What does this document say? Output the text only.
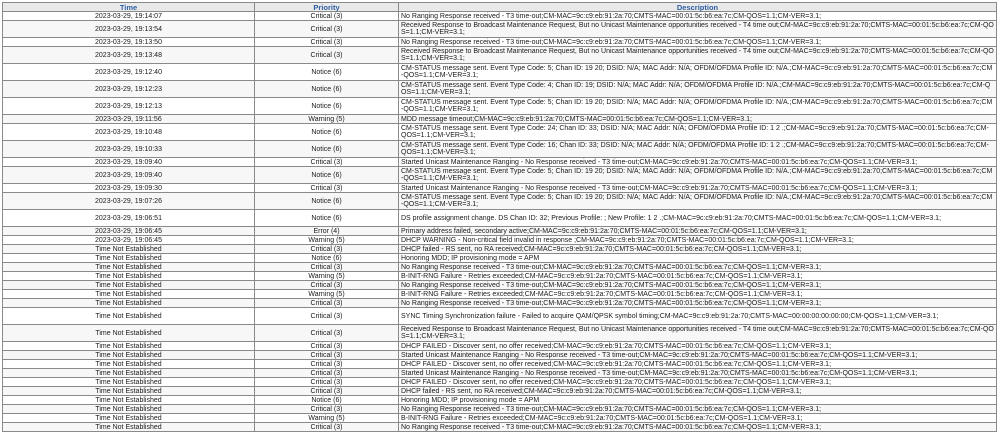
Time	Priority	Description
2023-03-29, 19:14:07	Critical (3)	No Ranging Response received - T3 time-out;CM-MAC=9c:c9:eb:91:2a:70;CMTS-MAC=00:01:5c:b6:ea:7c;CM-QOS=1.1;CM-VER=3.1;
2023-03-29, 19:13:54	Critical (3)	Received Response to Broadcast Maintenance Request, But no Unicast Maintenance opportunities received - T4 time out;CM-MAC=9c:c9:eb:91:2a:70;CMTS-MAC=00:01:5c:b6:ea:7c;CM-QOS=1.1;CM-VER=3.1;
2023-03-29, 19:13:50	Critical (3)	No Ranging Response received - T3 time-out;CM-MAC=9c:c9:eb:91:2a:70;CMTS-MAC=00:01:5c:b6:ea:7c;CM-QOS=1.1;CM-VER=3.1;
2023-03-29, 19:13:48	Critical (3)	Received Response to Broadcast Maintenance Request, But no Unicast Maintenance opportunities received - T4 time out;CM-MAC=9c:c9:eb:91:2a:70;CMTS-MAC=00:01:5c:b6:ea:7c;CM-QOS=1.1;CM-VER=3.1;
2023-03-29, 19:12:40	Notice (6)	CM-STATUS message sent. Event Type Code: 5; Chan ID: 19 20; DSID: N/A; MAC Addr: N/A; OFDM/OFDMA Profile ID: N/A.;CM-MAC=9c:c9:eb:91:2a:70;CMTS-MAC=00:01:5c:b6:ea:7c;CM-QOS=1.1;CM-VER=3.1;
2023-03-29, 19:12:23	Notice (6)	CM-STATUS message sent. Event Type Code: 4; Chan ID: 19; DSID: N/A; MAC Addr: N/A; OFDM/OFDMA Profile ID: N/A.;CM-MAC=9c:c9:eb:91:2a:70;CMTS-MAC=00:01:5c:b6:ea:7c;CM-QOS=1.1;CM-VER=3.1;
2023-03-29, 19:12:13	Notice (6)	CM-STATUS message sent. Event Type Code: 5; Chan ID: 19 20; DSID: N/A; MAC Addr: N/A; OFDM/OFDMA Profile ID: N/A.;CM-MAC=9c:c9:eb:91:2a:70;CMTS-MAC=00:01:5c:b6:ea:7c;CM-QOS=1.1;CM-VER=3.1;
2023-03-29, 19:11:56	Warning (5)	MDD message timeout;CM-MAC=9c:c9:eb:91:2a:70;CMTS-MAC=00:01:5c:b6:ea:7c;CM-QOS=1.1;CM-VER=3.1;
2023-03-29, 19:10:48	Notice (6)	CM-STATUS message sent. Event Type Code: 24; Chan ID: 33; DSID: N/A; MAC Addr: N/A; OFDM/OFDMA Profile ID: 1 2 .;CM-MAC=9c:c9:eb:91:2a:70;CMTS-MAC=00:01:5c:b6:ea:7c;CM-QOS=1.1;CM-VER=3.1;
2023-03-29, 19:10:33	Notice (6)	CM-STATUS message sent. Event Type Code: 16; Chan ID: 33; DSID: N/A; MAC Addr: N/A; OFDM/OFDMA Profile ID: 1 2 .;CM-MAC=9c:c9:eb:91:2a:70;CMTS-MAC=00:01:5c:b6:ea:7c;CM-QOS=1.1;CM-VER=3.1;
2023-03-29, 19:09:40	Critical (3)	Started Unicast Maintenance Ranging - No Response received - T3 time-out;CM-MAC=9c:c9:eb:91:2a:70;CMTS-MAC=00:01:5c:b6:ea:7c;CM-QOS=1.1;CM-VER=3.1;
2023-03-29, 19:09:40	Notice (6)	CM-STATUS message sent. Event Type Code: 5; Chan ID: 19 20; DSID: N/A; MAC Addr: N/A; OFDM/OFDMA Profile ID: N/A.;CM-MAC=9c:c9:eb:91:2a:70;CMTS-MAC=00:01:5c:b6:ea:7c;CM-QOS=1.1;CM-VER=3.1;
2023-03-29, 19:09:30	Critical (3)	Started Unicast Maintenance Ranging - No Response received - T3 time-out;CM-MAC=9c:c9:eb:91:2a:70;CMTS-MAC=00:01:5c:b6:ea:7c;CM-QOS=1.1;CM-VER=3.1;
2023-03-29, 19:07:26	Notice (6)	CM-STATUS message sent. Event Type Code: 5; Chan ID: 19 20; DSID: N/A; MAC Addr: N/A; OFDM/OFDMA Profile ID: N/A.;CM-MAC=9c:c9:eb:91:2a:70;CMTS-MAC=00:01:5c:b6:ea:7c;CM-QOS=1.1;CM-VER=3.1;
2023-03-29, 19:06:51	Notice (6)	DS profile assignment change. DS Chan ID: 32; Previous Profile: ; New Profile: 1 2 .;CM-MAC=9c:c9:eb:91:2a:70;CMTS-MAC=00:01:5c:b6:ea:7c;CM-QOS=1.1;CM-VER=3.1;
2023-03-29, 19:06:45	Error (4)	Primary address failed, secondary active;CM-MAC=9c:c9:eb:91:2a:70;CMTS-MAC=00:01:5c:b6:ea:7c;CM-QOS=1.1;CM-VER=3.1;
2023-03-29, 19:06:45	Warning (5)	DHCP WARNING - Non-critical field invalid in response ;CM-MAC=9c:c9:eb:91:2a:70;CMTS-MAC=00:01:5c:b6:ea:7c;CM-QOS=1.1;CM-VER=3.1;
Time Not Established	Critical (3)	DHCP failed - RS sent, no RA received;CM-MAC=9c:c9:eb:91:2a:70;CMTS-MAC=00:01:5c:b6:ea:7c;CM-QOS=1.1;CM-VER=3.1;
Time Not Established	Notice (6)	Honoring MDD; IP provisioning mode = APM
Time Not Established	Critical (3)	No Ranging Response received - T3 time-out;CM-MAC=9c:c9:eb:91:2a:70;CMTS-MAC=00:01:5c:b6:ea:7c;CM-QOS=1.1;CM-VER=3.1;
Time Not Established	Warning (5)	B-INIT-RNG Failure - Retries exceeded;CM-MAC=9c:c9:eb:91:2a:70;CMTS-MAC=00:01:5c:b6:ea:7c;CM-QOS=1.1;CM-VER=3.1;
Time Not Established	Critical (3)	No Ranging Response received - T3 time-out;CM-MAC=9c:c9:eb:91:2a:70;CMTS-MAC=00:01:5c:b6:ea:7c;CM-QOS=1.1;CM-VER=3.1;
Time Not Established	Warning (5)	B-INIT-RNG Failure - Retries exceeded;CM-MAC=9c:c9:eb:91:2a:70;CMTS-MAC=00:01:5c:b6:ea:7c;CM-QOS=1.1;CM-VER=3.1;
Time Not Established	Critical (3)	No Ranging Response received - T3 time-out;CM-MAC=9c:c9:eb:91:2a:70;CMTS-MAC=00:01:5c:b6:ea:7c;CM-QOS=1.1;CM-VER=3.1;
Time Not Established	Critical (3)	SYNC Timing Synchronization failure - Failed to acquire QAM/QPSK symbol timing;CM-MAC=9c:c9:eb:91:2a:70;CMTS-MAC=00:00:00:00:00:00;CM-QOS=1.1;CM-VER=3.1;
Time Not Established	Critical (3)	Received Response to Broadcast Maintenance Request, But no Unicast Maintenance opportunities received - T4 time out;CM-MAC=9c:c9:eb:91:2a:70;CMTS-MAC=00:01:5c:b6:ea:7c;CM-QOS=1.1;CM-VER=3.1;
Time Not Established	Critical (3)	DHCP FAILED - Discover sent, no offer received;CM-MAC=9c:c9:eb:91:2a:70;CMTS-MAC=00:01:5c:b6:ea:7c;CM-QOS=1.1;CM-VER=3.1;
Time Not Established	Critical (3)	Started Unicast Maintenance Ranging - No Response received - T3 time-out;CM-MAC=9c:c9:eb:91:2a:70;CMTS-MAC=00:01:5c:b6:ea:7c;CM-QOS=1.1;CM-VER=3.1;
Time Not Established	Critical (3)	DHCP FAILED - Discover sent, no offer received;CM-MAC=9c:c9:eb:91:2a:70;CMTS-MAC=00:01:5c:b6:ea:7c;CM-QOS=1.1;CM-VER=3.1;
Time Not Established	Critical (3)	Started Unicast Maintenance Ranging - No Response received - T3 time-out;CM-MAC=9c:c9:eb:91:2a:70;CMTS-MAC=00:01:5c:b6:ea:7c;CM-QOS=1.1;CM-VER=3.1;
Time Not Established	Critical (3)	DHCP FAILED - Discover sent, no offer received;CM-MAC=9c:c9:eb:91:2a:70;CMTS-MAC=00:01:5c:b6:ea:7c;CM-QOS=1.1;CM-VER=3.1;
Time Not Established	Critical (3)	DHCP failed - RS sent, no RA received;CM-MAC=9c:c9:eb:91:2a:70;CMTS-MAC=00:01:5c:b6:ea:7c;CM-QOS=1.1;CM-VER=3.1;
Time Not Established	Notice (6)	Honoring MDD; IP provisioning mode = APM
Time Not Established	Critical (3)	No Ranging Response received - T3 time-out;CM-MAC=9c:c9:eb:91:2a:70;CMTS-MAC=00:01:5c:b6:ea:7c;CM-QOS=1.1;CM-VER=3.1;
Time Not Established	Warning (5)	B-INIT-RNG Failure - Retries exceeded;CM-MAC=9c:c9:eb:91:2a:70;CMTS-MAC=00:01:5c:b6:ea:7c;CM-QOS=1.1;CM-VER=3.1;
Time Not Established	Critical (3)	No Ranging Response received - T3 time-out;CM-MAC=9c:c9:eb:91:2a:70;CMTS-MAC=00:01:5c:b6:ea:7c;CM-QOS=1.1;CM-VER=3.1;
